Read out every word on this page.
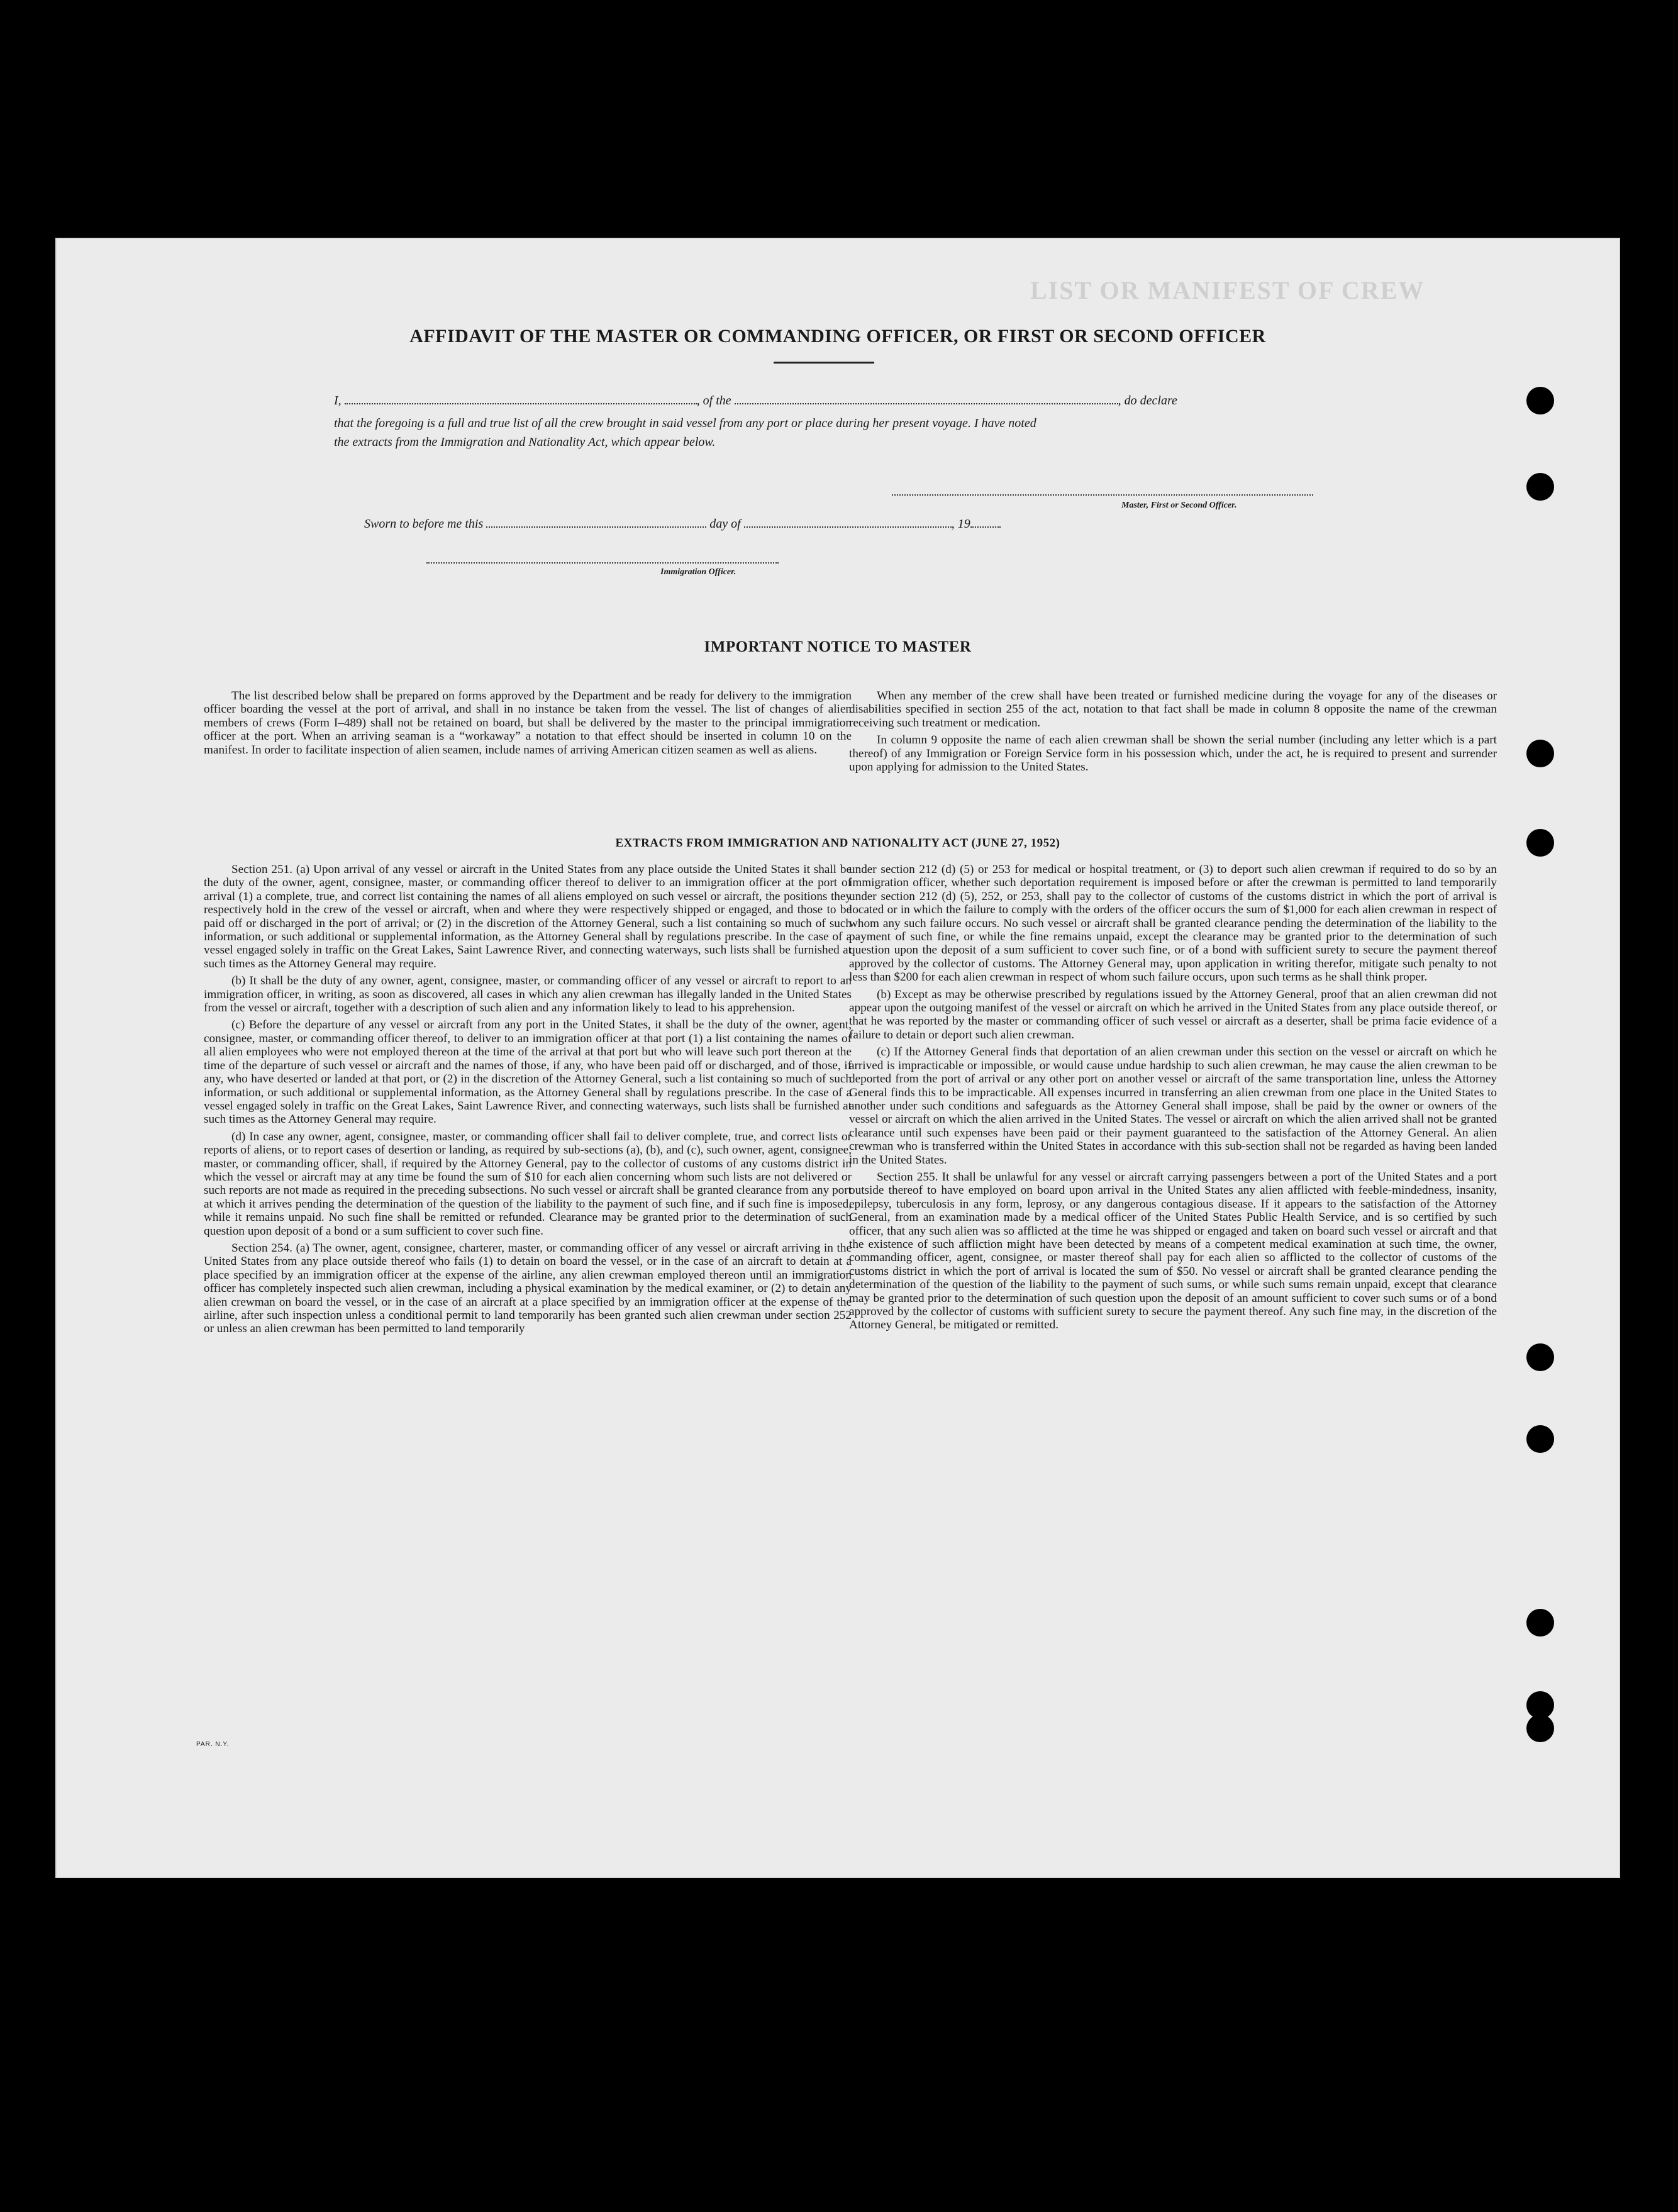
LIST OR MANIFEST OF CREW
AFFIDAVIT OF THE MASTER OR COMMANDING OFFICER, OR FIRST OR SECOND OFFICER
I,	, of the	, do declare
that the foregoing is a full and true list of all the crew brought in said vessel from any port or place during her present voyage. I have noted
the extracts from the Immigration and Nationality Act, which appear below.
Master, First or Second Officer.
Sworn to before me this	day of	, 19
Immigration Officer.
IMPORTANT NOTICE TO MASTER

The list described below shall be prepared on forms approved by the Department and be ready for delivery to the immigration officer boarding the vessel at the port of arrival, and shall in no instance be taken from the vessel. The list of changes of alien members of crews (Form I–489) shall not be retained on board, but shall be delivered by the master to the principal immigration officer at the port. When an arriving seaman is a “workaway” a notation to that effect should be inserted in column 10 on the manifest. In order to facilitate inspection of alien seamen, include names of arriving American citizen seamen as well as aliens.

When any member of the crew shall have been treated or furnished medicine during the voyage for any of the diseases or disabilities specified in section 255 of the act, notation to that fact shall be made in column 8 opposite the name of the crewman receiving such treatment or medication.

In column 9 opposite the name of each alien crewman shall be shown the serial number (including any letter which is a part thereof) of any Immigration or Foreign Service form in his possession which, under the act, he is required to present and surrender upon applying for admission to the United States.

EXTRACTS FROM IMMIGRATION AND NATIONALITY ACT (JUNE 27, 1952)

Section 251. (a) Upon arrival of any vessel or aircraft in the United States from any place outside the United States it shall be the duty of the owner, agent, consignee, master, or commanding officer thereof to deliver to an immigration officer at the port of arrival (1) a complete, true, and correct list containing the names of all aliens employed on such vessel or aircraft, the positions they respectively hold in the crew of the vessel or aircraft, when and where they were respectively shipped or engaged, and those to be paid off or discharged in the port of arrival; or (2) in the discretion of the Attorney General, such a list containing so much of such information, or such additional or supplemental information, as the Attorney General shall by regulations prescribe. In the case of a vessel engaged solely in traffic on the Great Lakes, Saint Lawrence River, and connecting waterways, such lists shall be furnished at such times as the Attorney General may require.

(b) It shall be the duty of any owner, agent, consignee, master, or commanding officer of any vessel or aircraft to report to an immigration officer, in writing, as soon as discovered, all cases in which any alien crewman has illegally landed in the United States from the vessel or aircraft, together with a description of such alien and any information likely to lead to his apprehension.

(c) Before the departure of any vessel or aircraft from any port in the United States, it shall be the duty of the owner, agent, consignee, master, or commanding officer thereof, to deliver to an immigration officer at that port (1) a list containing the names of all alien employees who were not employed thereon at the time of the arrival at that port but who will leave such port thereon at the time of the departure of such vessel or aircraft and the names of those, if any, who have been paid off or discharged, and of those, if any, who have deserted or landed at that port, or (2) in the discretion of the Attorney General, such a list containing so much of such information, or such additional or supplemental information, as the Attorney General shall by regulations prescribe. In the case of a vessel engaged solely in traffic on the Great Lakes, Saint Lawrence River, and connecting waterways, such lists shall be furnished at such times as the Attorney General may require.

(d) In case any owner, agent, consignee, master, or commanding officer shall fail to deliver complete, true, and correct lists or reports of aliens, or to report cases of desertion or landing, as required by sub-sections (a), (b), and (c), such owner, agent, consignee, master, or commanding officer, shall, if required by the Attorney General, pay to the collector of customs of any customs district in which the vessel or aircraft may at any time be found the sum of $10 for each alien concerning whom such lists are not delivered or such reports are not made as required in the preceding subsections. No such vessel or aircraft shall be granted clearance from any port at which it arrives pending the determination of the question of the liability to the payment of such fine, and if such fine is imposed, while it remains unpaid. No such fine shall be remitted or refunded. Clearance may be granted prior to the determination of such question upon deposit of a bond or a sum sufficient to cover such fine.

Section 254. (a) The owner, agent, consignee, charterer, master, or commanding officer of any vessel or aircraft arriving in the United States from any place outside thereof who fails (1) to detain on board the vessel, or in the case of an aircraft to detain at a place specified by an immigration officer at the expense of the airline, any alien crewman employed thereon until an immigration officer has completely inspected such alien crewman, including a physical examination by the medical examiner, or (2) to detain any alien crewman on board the vessel, or in the case of an aircraft at a place specified by an immigration officer at the expense of the airline, after such inspection unless a conditional permit to land temporarily has been granted such alien crewman under section 252 or unless an alien crewman has been permitted to land temporarily

under section 212 (d) (5) or 253 for medical or hospital treatment, or (3) to deport such alien crewman if required to do so by an immigration officer, whether such deportation requirement is imposed before or after the crewman is permitted to land temporarily under section 212 (d) (5), 252, or 253, shall pay to the collector of customs of the customs district in which the port of arrival is located or in which the failure to comply with the orders of the officer occurs the sum of $1,000 for each alien crewman in respect of whom any such failure occurs. No such vessel or aircraft shall be granted clearance pending the determination of the liability to the payment of such fine, or while the fine remains unpaid, except the clearance may be granted prior to the determination of such question upon the deposit of a sum sufficient to cover such fine, or of a bond with sufficient surety to secure the payment thereof approved by the collector of customs. The Attorney General may, upon application in writing therefor, mitigate such penalty to not less than $200 for each alien crewman in respect of whom such failure occurs, upon such terms as he shall think proper.

(b) Except as may be otherwise prescribed by regulations issued by the Attorney General, proof that an alien crewman did not appear upon the outgoing manifest of the vessel or aircraft on which he arrived in the United States from any place outside thereof, or that he was reported by the master or commanding officer of such vessel or aircraft as a deserter, shall be prima facie evidence of a failure to detain or deport such alien crewman.

(c) If the Attorney General finds that deportation of an alien crewman under this section on the vessel or aircraft on which he arrived is impracticable or impossible, or would cause undue hardship to such alien crewman, he may cause the alien crewman to be deported from the port of arrival or any other port on another vessel or aircraft of the same transportation line, unless the Attorney General finds this to be impracticable. All expenses incurred in transferring an alien crewman from one place in the United States to another under such conditions and safeguards as the Attorney General shall impose, shall be paid by the owner or owners of the vessel or aircraft on which the alien arrived in the United States. The vessel or aircraft on which the alien arrived shall not be granted clearance until such expenses have been paid or their payment guaranteed to the satisfaction of the Attorney General. An alien crewman who is transferred within the United States in accordance with this sub-section shall not be regarded as having been landed in the United States.

Section 255. It shall be unlawful for any vessel or aircraft carrying passengers between a port of the United States and a port outside thereof to have employed on board upon arrival in the United States any alien afflicted with feeble-mindedness, insanity, epilepsy, tuberculosis in any form, leprosy, or any dangerous contagious disease. If it appears to the satisfaction of the Attorney General, from an examination made by a medical officer of the United States Public Health Service, and is so certified by such officer, that any such alien was so afflicted at the time he was shipped or engaged and taken on board such vessel or aircraft and that the existence of such affliction might have been detected by means of a competent medical examination at such time, the owner, commanding officer, agent, consignee, or master thereof shall pay for each alien so afflicted to the collector of customs of the customs district in which the port of arrival is located the sum of $50. No vessel or aircraft shall be granted clearance pending the determination of the question of the liability to the payment of such sums, or while such sums remain unpaid, except that clearance may be granted prior to the determination of such question upon the deposit of an amount sufficient to cover such sums or of a bond approved by the collector of customs with sufficient surety to secure the payment thereof. Any such fine may, in the discretion of the Attorney General, be mitigated or remitted.

PAR. N.Y.
